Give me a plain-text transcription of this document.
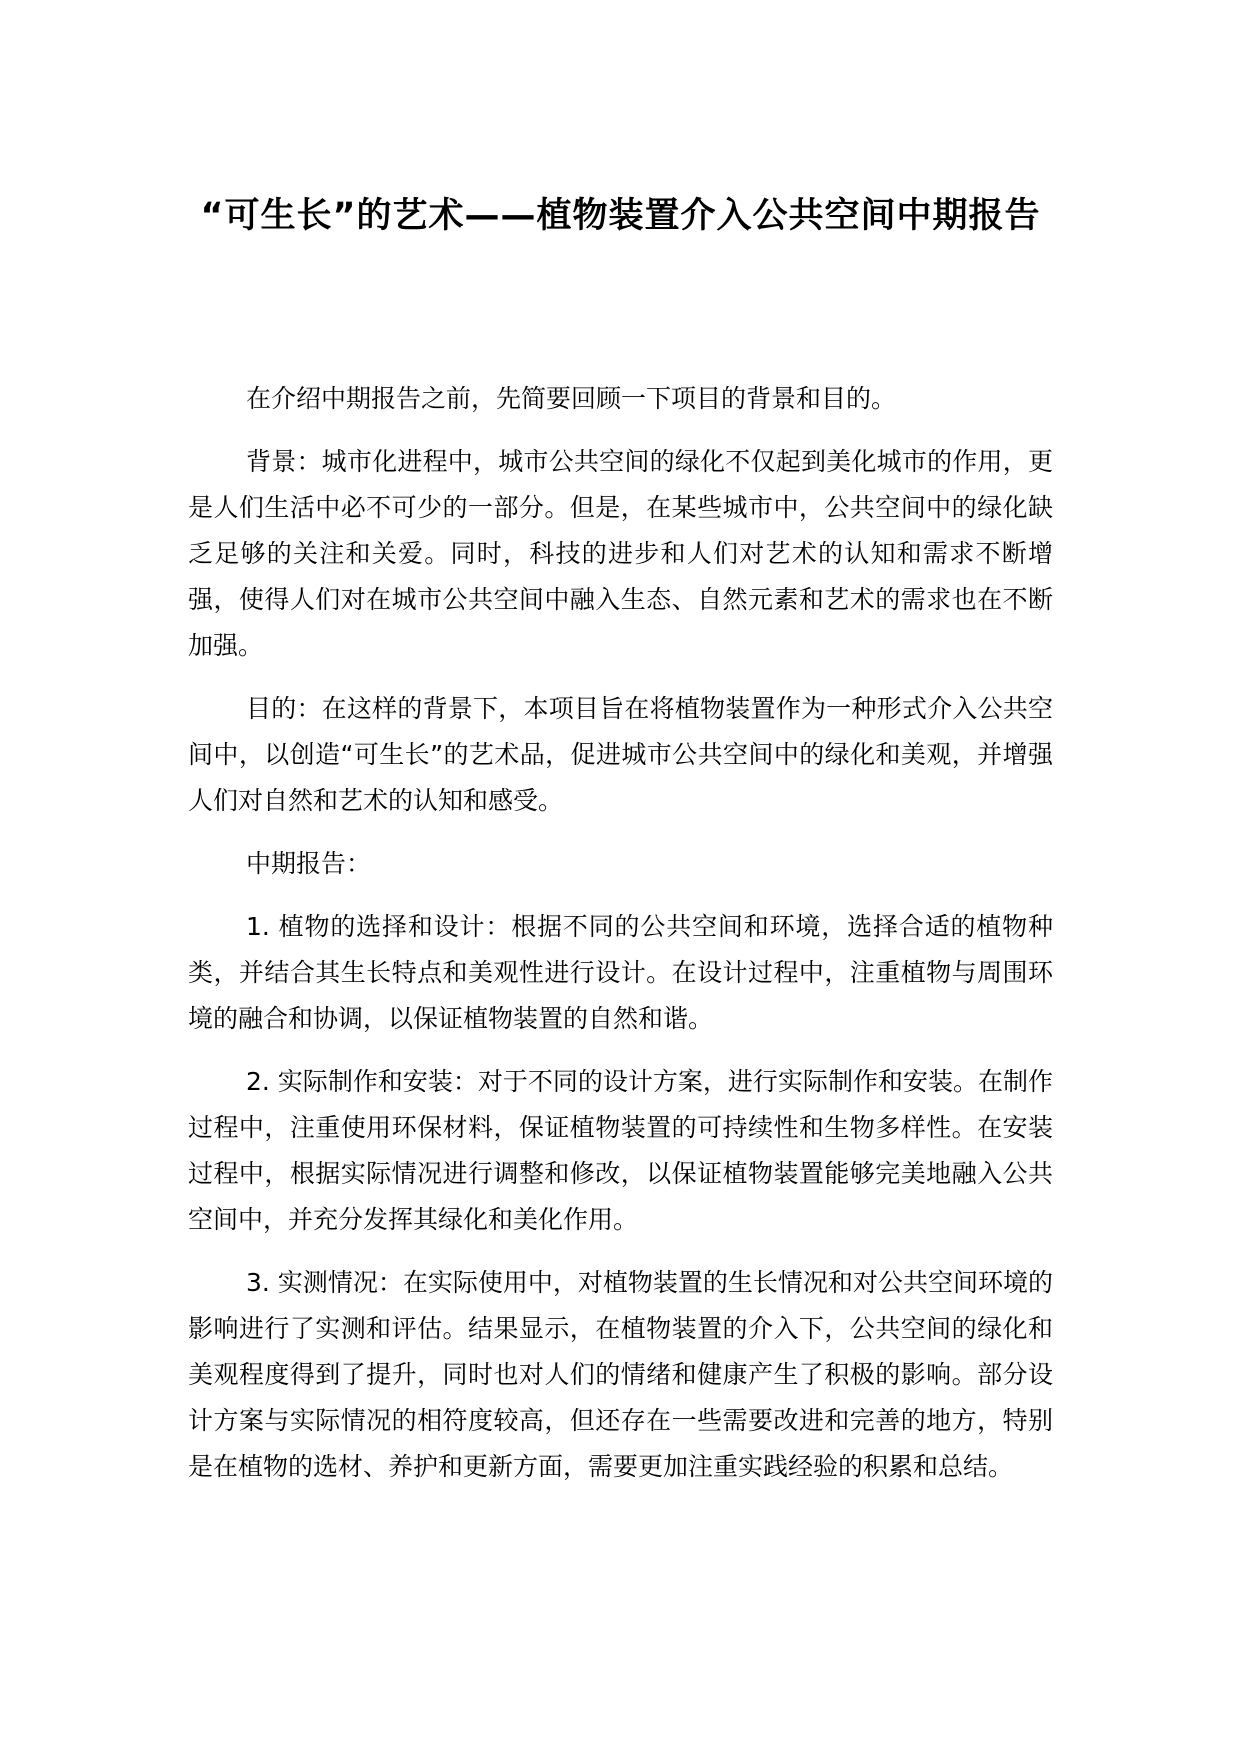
“可生长”的艺术——植物装置介入公共空间中期报告

在介绍中期报告之前，先简要回顾一下项目的背景和目的。

背景：城市化进程中，城市公共空间的绿化不仅起到美化城市的作用，更是人们生活中必不可少的一部分。但是，在某些城市中，公共空间中的绿化缺乏足够的关注和关爱。同时，科技的进步和人们对艺术的认知和需求不断增强，使得人们对在城市公共空间中融入生态、自然元素和艺术的需求也在不断加强。

目的：在这样的背景下，本项目旨在将植物装置作为一种形式介入公共空间中，以创造“可生长”的艺术品，促进城市公共空间中的绿化和美观，并增强人们对自然和艺术的认知和感受。

中期报告：

1. 植物的选择和设计：根据不同的公共空间和环境，选择合适的植物种类，并结合其生长特点和美观性进行设计。在设计过程中，注重植物与周围环境的融合和协调，以保证植物装置的自然和谐。

2. 实际制作和安装：对于不同的设计方案，进行实际制作和安装。在制作过程中，注重使用环保材料，保证植物装置的可持续性和生物多样性。在安装过程中，根据实际情况进行调整和修改，以保证植物装置能够完美地融入公共空间中，并充分发挥其绿化和美化作用。

3. 实测情况：在实际使用中，对植物装置的生长情况和对公共空间环境的影响进行了实测和评估。结果显示，在植物装置的介入下，公共空间的绿化和美观程度得到了提升，同时也对人们的情绪和健康产生了积极的影响。部分设计方案与实际情况的相符度较高，但还存在一些需要改进和完善的地方，特别是在植物的选材、养护和更新方面，需要更加注重实践经验的积累和总结。
